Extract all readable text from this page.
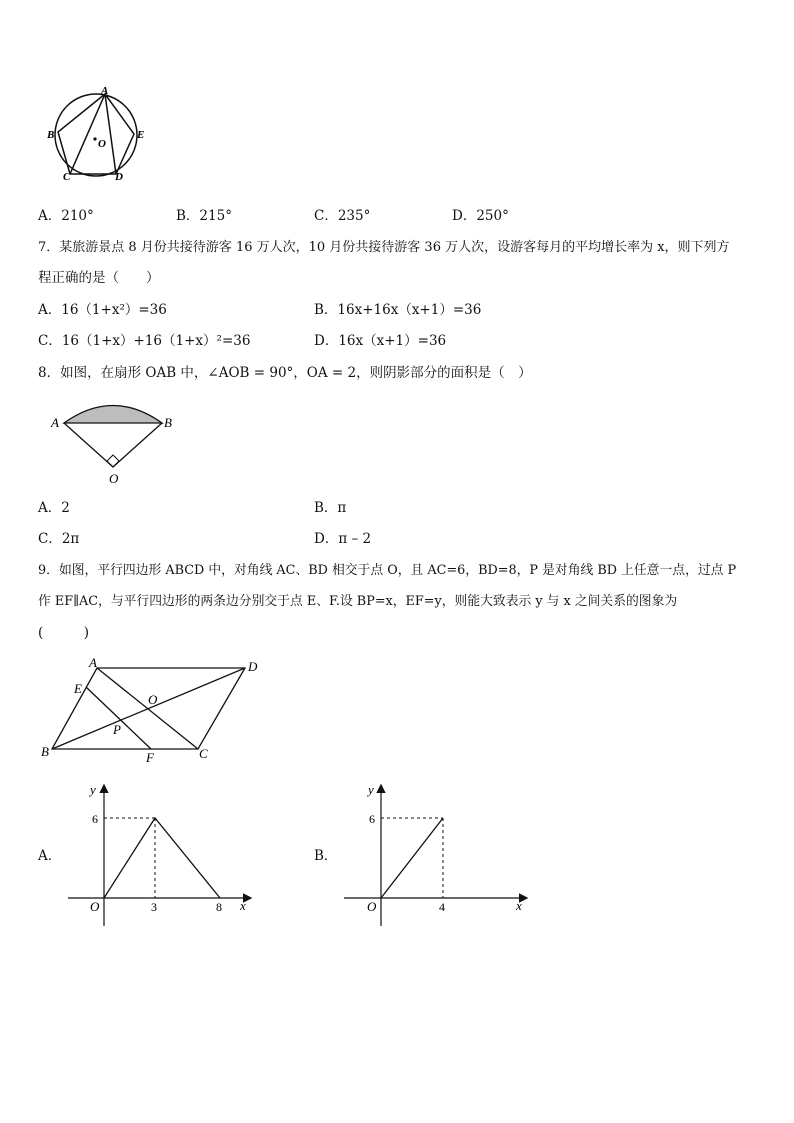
A
B
O
E
C	D
A．210°	B．215°	C．235°	D．250°
7．某旅游景点 8 月份共接待游客 16 万人次，10 月份共接待游客 36 万人次，设游客每月的平均增长率为 x，则下列方
程正确的是（　　）
A．16（1+x²）=36	B．16x+16x（x+1）=36
C．16（1+x）+16（1+x）²=36	D．16x（x+1）=36
8．如图，在扇形 OAB 中，∠AOB = 90°，OA = 2，则阴影部分的面积是（　）
A	B
O
A．2	B．π
C．2π	D．π – 2
9．如图，平行四边形 ABCD 中，对角线 AC、BD 相交于点 O，且 AC=6，BD=8，P 是对角线 BD 上任意一点，过点 P
作 EF∥AC，与平行四边形的两条边分别交于点 E、F.设 BP=x，EF=y，则能大致表示 y 与 x 之间关系的图象为
(　　　)
A	D
E
O
P
B	F	C
A．
y
6
O	3	8 x
B．
y
6
O	4	x
